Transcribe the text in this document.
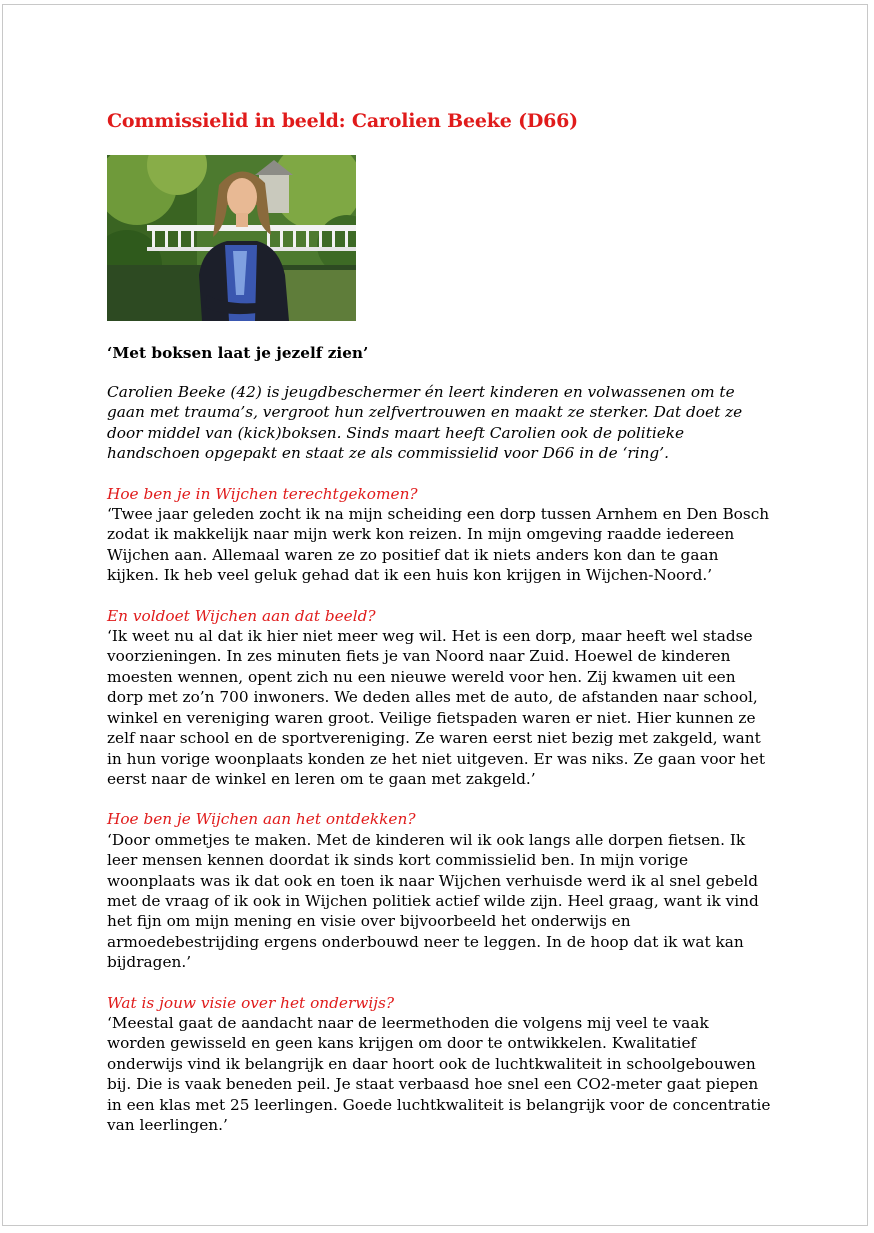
Commissielid in beeld: Carolien Beeke (D66)
‘Met boksen laat je jezelf zien’
Carolien Beeke (42) is jeugdbeschermer én leert kinderen en volwassenen om te gaan met trauma’s, vergroot hun zelfvertrouwen en maakt ze sterker. Dat doet ze door middel van (kick)boksen. Sinds maart heeft Carolien ook de politieke handschoen opgepakt en staat ze als commissielid voor D66 in de ‘ring’.
Hoe ben je in Wijchen terechtgekomen?
‘Twee jaar geleden zocht ik na mijn scheiding een dorp tussen Arnhem en Den Bosch zodat ik makkelijk naar mijn werk kon reizen. In mijn omgeving raadde iedereen Wijchen aan. Allemaal waren ze zo positief dat ik niets anders kon dan te gaan kijken. Ik heb veel geluk gehad dat ik een huis kon krijgen in Wijchen-Noord.’
En voldoet Wijchen aan dat beeld?
‘Ik weet nu al dat ik hier niet meer weg wil. Het is een dorp, maar heeft wel stadse voorzieningen. In zes minuten fiets je van Noord naar Zuid. Hoewel de kinderen moesten wennen, opent zich nu een nieuwe wereld voor hen. Zij kwamen uit een dorp met zo’n 700 inwoners. We deden alles met de auto, de afstanden naar school, winkel en vereniging waren groot. Veilige fietspaden waren er niet. Hier kunnen ze zelf naar school en de sportvereniging. Ze waren eerst niet bezig met zakgeld, want in hun vorige woonplaats konden ze het niet uitgeven. Er was niks. Ze gaan voor het eerst naar de winkel en leren om te gaan met zakgeld.’
Hoe ben je Wijchen aan het ontdekken?
‘Door ommetjes te maken. Met de kinderen wil ik ook langs alle dorpen fietsen. Ik leer mensen kennen doordat ik sinds kort commissielid ben. In mijn vorige woonplaats was ik dat ook en toen ik naar Wijchen verhuisde werd ik al snel gebeld met de vraag of ik ook in Wijchen politiek actief wilde zijn. Heel graag, want ik vind het fijn om mijn mening en visie over bijvoorbeeld het onderwijs en armoedebestrijding ergens onderbouwd neer te leggen. In de hoop dat ik wat kan bijdragen.’
Wat is jouw visie over het onderwijs?
‘Meestal gaat de aandacht naar de leermethoden die volgens mij veel te vaak worden gewisseld en geen kans krijgen om door te ontwikkelen. Kwalitatief onderwijs vind ik belangrijk en daar hoort ook de luchtkwaliteit in schoolgebouwen bij. Die is vaak beneden peil. Je staat verbaasd hoe snel een CO2-meter gaat piepen in een klas met 25 leerlingen. Goede luchtkwaliteit is belangrijk voor de concentratie van leerlingen.’
